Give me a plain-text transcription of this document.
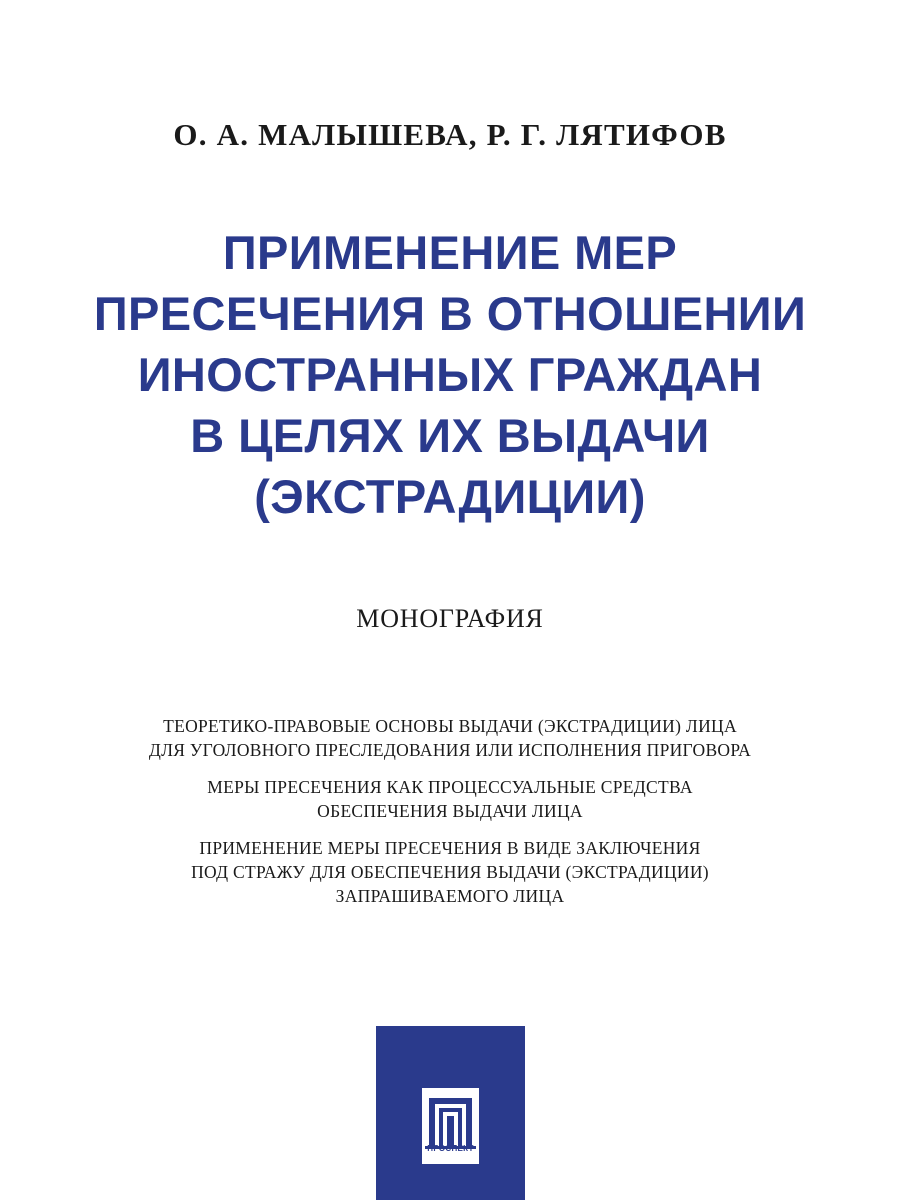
О. А. МАЛЫШЕВА, Р. Г. ЛЯТИФОВ
ПРИМЕНЕНИЕ МЕР
ПРЕСЕЧЕНИЯ В ОТНОШЕНИИ
ИНОСТРАННЫХ ГРАЖДАН
В ЦЕЛЯХ ИХ ВЫДАЧИ
(ЭКСТРАДИЦИИ)
МОНОГРАФИЯ
ТЕОРЕТИКО-ПРАВОВЫЕ ОСНОВЫ ВЫДАЧИ (ЭКСТРАДИЦИИ) ЛИЦА
ДЛЯ УГОЛОВНОГО ПРЕСЛЕДОВАНИЯ ИЛИ ИСПОЛНЕНИЯ ПРИГОВОРА
МЕРЫ ПРЕСЕЧЕНИЯ КАК ПРОЦЕССУАЛЬНЫЕ СРЕДСТВА
ОБЕСПЕЧЕНИЯ ВЫДАЧИ ЛИЦА
ПРИМЕНЕНИЕ МЕРЫ ПРЕСЕЧЕНИЯ В ВИДЕ ЗАКЛЮЧЕНИЯ
ПОД СТРАЖУ ДЛЯ ОБЕСПЕЧЕНИЯ ВЫДАЧИ (ЭКСТРАДИЦИИ)
ЗАПРАШИВАЕМОГО ЛИЦА
ПРОСПЕКТ
